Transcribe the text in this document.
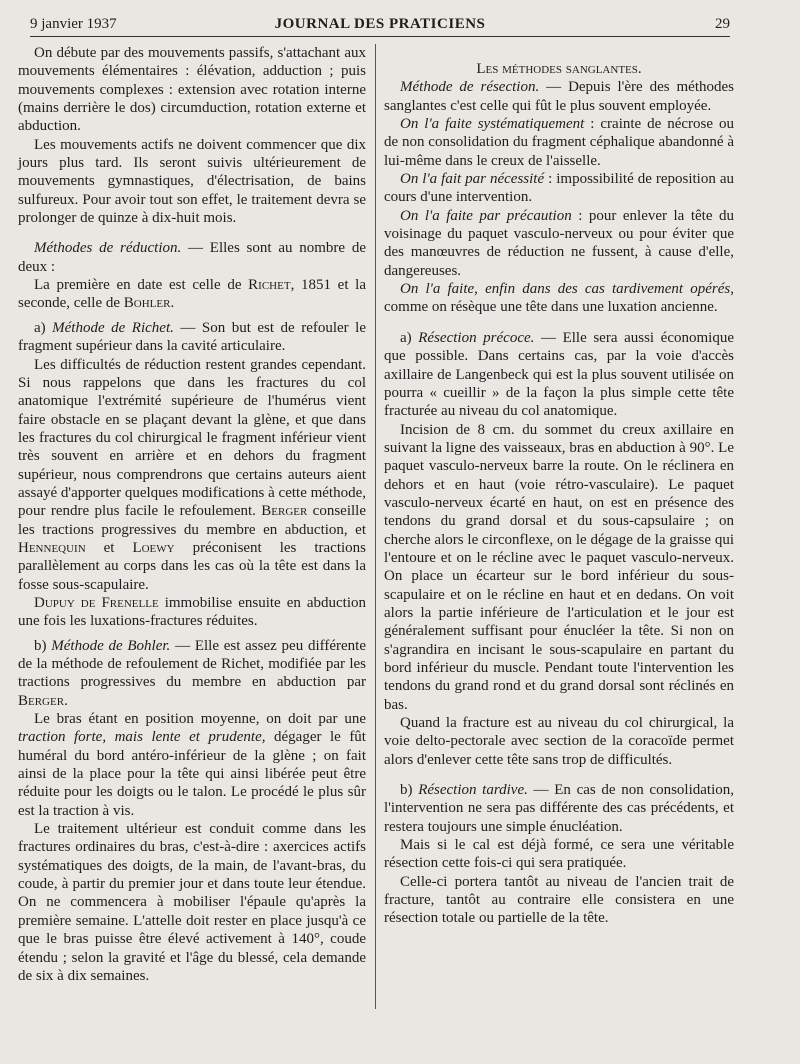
9 janvier 1937	JOURNAL DES PRATICIENS	29

On débute par des mouvements passifs, s'attachant aux mouvements élémentaires : élévation, adduction ; puis mouvements complexes : extension avec rotation interne (mains derrière le dos) circumduction, rotation externe et abduction.

Les mouvements actifs ne doivent commencer que dix jours plus tard. Ils seront suivis ultérieurement de mouvements gymnastiques, d'électrisation, de bains sulfureux. Pour avoir tout son effet, le traitement devra se prolonger de quinze à dix-huit mois.

Méthodes de réduction. — Elles sont au nombre de deux :

La première en date est celle de Richet, 1851 et la seconde, celle de Bohler.

a) Méthode de Richet. — Son but est de refouler le fragment supérieur dans la cavité articulaire.

Les difficultés de réduction restent grandes cependant. Si nous rappelons que dans les fractures du col anatomique l'extrémité supérieure de l'humérus vient faire obstacle en se plaçant devant la glène, et que dans les fractures du col chirurgical le fragment inférieur vient très souvent en arrière et en dehors du fragment supérieur, nous comprendrons que certains auteurs aient assayé d'apporter quelques modifications à cette méthode, pour rendre plus facile le refoulement. Berger conseille les tractions progressives du membre en abduction, et Hennequin et Loewy préconisent les tractions parallèlement au corps dans les cas où la tête est dans la fosse sous-scapulaire.

Dupuy de Frenelle immobilise ensuite en abduction une fois les luxations-fractures réduites.

b) Méthode de Bohler. — Elle est assez peu différente de la méthode de refoulement de Richet, modifiée par les tractions progressives du membre en abduction par Berger.

Le bras étant en position moyenne, on doit par une traction forte, mais lente et prudente, dégager le fût huméral du bord antéro-inférieur de la glène ; on fait ainsi de la place pour la tête qui ainsi libérée peut être réduite pour les doigts ou le talon. Le procédé le plus sûr est la traction à vis.

Le traitement ultérieur est conduit comme dans les fractures ordinaires du bras, c'est-à-dire : axercices actifs systématiques des doigts, de la main, de l'avant-bras, du coude, à partir du premier jour et dans toute leur étendue. On ne commencera à mobiliser l'épaule qu'après la première semaine. L'attelle doit rester en place jusqu'à ce que le bras puisse être élevé activement à 140°, coude étendu ; selon la gravité et l'âge du blessé, cela demande de six à dix semaines.

Les méthodes sanglantes.

Méthode de résection. — Depuis l'ère des méthodes sanglantes c'est celle qui fût le plus souvent employée.

On l'a faite systématiquement : crainte de nécrose ou de non consolidation du fragment céphalique abandonné à lui-même dans le creux de l'aisselle.

On l'a fait par nécessité : impossibilité de reposition au cours d'une intervention.

On l'a faite par précaution : pour enlever la tête du voisinage du paquet vasculo-nerveux ou pour éviter que des manœuvres de réduction ne fussent, à cause d'elle, dangereuses.

On l'a faite, enfin dans des cas tardivement opérés, comme on résèque une tête dans une luxation ancienne.

a) Résection précoce. — Elle sera aussi économique que possible. Dans certains cas, par la voie d'accès axillaire de Langenbeck qui est la plus souvent utilisée on pourra « cueillir » de la façon la plus simple cette tête fracturée au niveau du col anatomique.

Incision de 8 cm. du sommet du creux axillaire en suivant la ligne des vaisseaux, bras en abduction à 90°. Le paquet vasculo-nerveux barre la route. On le réclinera en dehors et en haut (voie rétro-vasculaire). Le paquet vasculo-nerveux écarté en haut, on est en présence des tendons du grand dorsal et du sous-capsulaire ; on cherche alors le circonflexe, on le dégage de la graisse qui l'entoure et on le récline avec le paquet vasculo-nerveux. On place un écarteur sur le bord inférieur du sous-scapulaire et on le récline en haut et en dedans. On voit alors la partie inférieure de l'articulation et le jour est généralement suffisant pour énucléer la tête. Si non on s'agrandira en incisant le sous-scapulaire en partant du bord inférieur du muscle. Pendant toute l'intervention les tendons du grand rond et du grand dorsal sont réclinés en bas.

Quand la fracture est au niveau du col chirurgical, la voie delto-pectorale avec section de la coracoïde permet alors d'enlever cette tête sans trop de difficultés.

b) Résection tardive. — En cas de non consolidation, l'intervention ne sera pas différente des cas précédents, et restera toujours une simple énucléation.

Mais si le cal est déjà formé, ce sera une véritable résection cette fois-ci qui sera pratiquée.

Celle-ci portera tantôt au niveau de l'ancien trait de fracture, tantôt au contraire elle consistera en une résection totale ou partielle de la tête.
